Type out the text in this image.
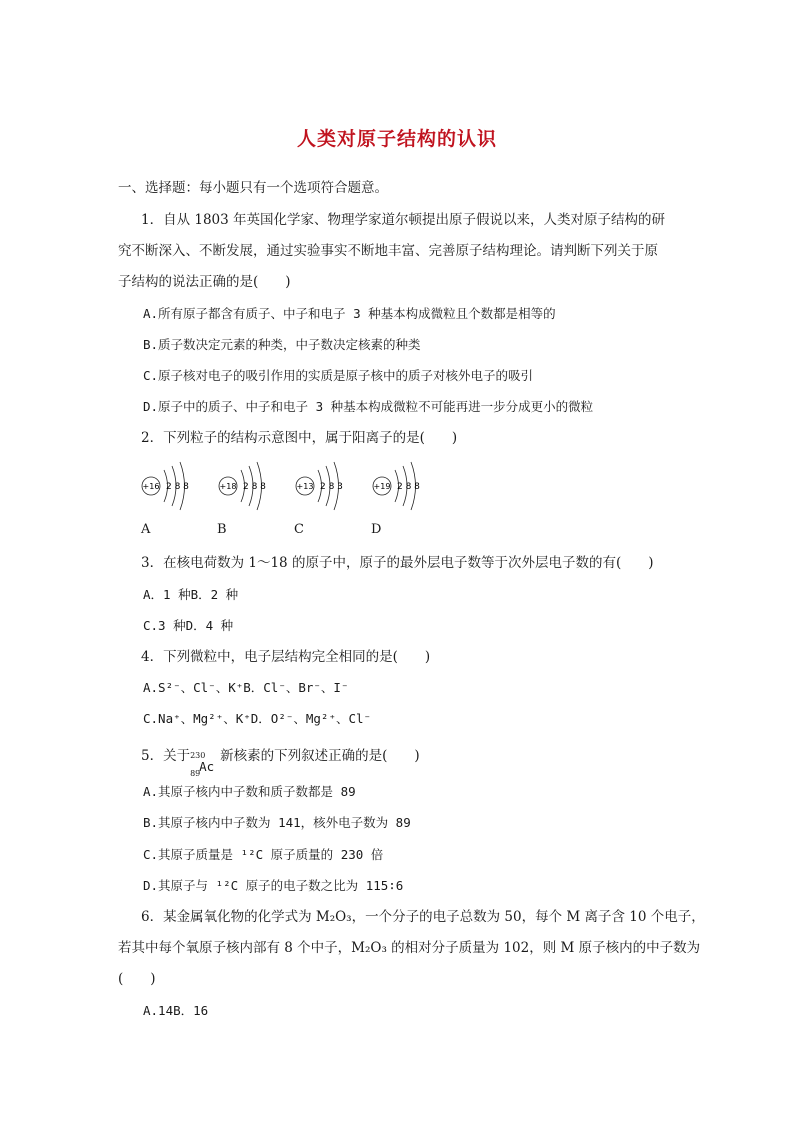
人类对原子结构的认识
一、选择题：每小题只有一个选项符合题意。
1．自从 1803 年英国化学家、物理学家道尔顿提出原子假说以来，人类对原子结构的研
究不断深入、不断发展，通过实验事实不断地丰富、完善原子结构理论。请判断下列关于原
子结构的说法正确的是(　　)
A.所有原子都含有质子、中子和电子 3 种基本构成微粒且个数都是相等的
B.质子数决定元素的种类，中子数决定核素的种类
C.原子核对电子的吸引作用的实质是原子核中的质子对核外电子的吸引
D.原子中的质子、中子和电子 3 种基本构成微粒不可能再进一步分成更小的微粒
2．下列粒子的结构示意图中，属于阳离子的是(　　)
+16 2 8 8	+18 2 8 8	+13 2 8 3	+19 2 8 8
A	B	C	D
3．在核电荷数为 1～18 的原子中，原子的最外层电子数等于次外层电子数的有(　　)
A．1 种B．2 种
C.3 种D．4 种
4．下列微粒中，电子层结构完全相同的是(　　)
A.S²⁻、Cl⁻、K⁺B．Cl⁻、Br⁻、I⁻
C.Na⁺、Mg²⁺、K⁺D．O²⁻、Mg²⁺、Cl⁻
5．关于 230
89
Ac
新核素的下列叙述正确的是(　　)
A.其原子核内中子数和质子数都是 89
B.其原子核内中子数为 141，核外电子数为 89
C.其原子质量是 ¹²C 原子质量的 230 倍
D.其原子与 ¹²C 原子的电子数之比为 115∶6
6．某金属氧化物的化学式为 M₂O₃，一个分子的电子总数为 50，每个 M 离子含 10 个电子，
若其中每个氧原子核内部有 8 个中子，M₂O₃ 的相对分子质量为 102，则 M 原子核内的中子数为
(　　)
A.14B．16
